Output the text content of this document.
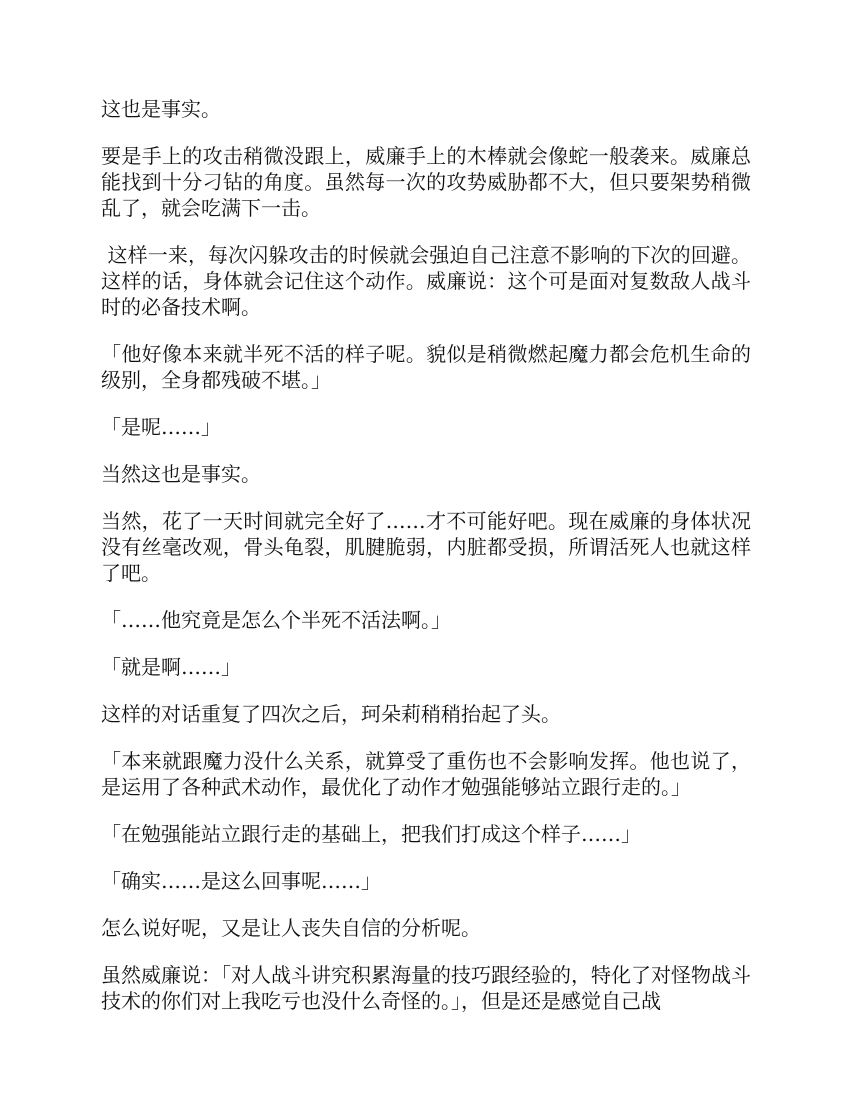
这也是事实。

要是手上的攻击稍微没跟上，威廉手上的木棒就会像蛇一般袭来。威廉总能找到十分刁钻的角度。虽然每一次的攻势威胁都不大，但只要架势稍微乱了，就会吃满下一击。

这样一来，每次闪躲攻击的时候就会强迫自己注意不影响的下次的回避。这样的话，身体就会记住这个动作。威廉说：这个可是面对复数敌人战斗时的必备技术啊。

「他好像本来就半死不活的样子呢。貌似是稍微燃起魔力都会危机生命的级别，全身都残破不堪。」

「是呢……」

当然这也是事实。

当然，花了一天时间就完全好了……才不可能好吧。现在威廉的身体状况没有丝毫改观，骨头龟裂，肌腱脆弱，内脏都受损，所谓活死人也就这样了吧。

「……他究竟是怎么个半死不活法啊。」

「就是啊……」

这样的对话重复了四次之后，珂朵莉稍稍抬起了头。

「本来就跟魔力没什么关系，就算受了重伤也不会影响发挥。他也说了，是运用了各种武术动作，最优化了动作才勉强能够站立跟行走的。」

「在勉强能站立跟行走的基础上，把我们打成这个样子……」

「确实……是这么回事呢……」

怎么说好呢，又是让人丧失自信的分析呢。

虽然威廉说：「对人战斗讲究积累海量的技巧跟经验的，特化了对怪物战斗技术的你们对上我吃亏也没什么奇怪的。」，但是还是感觉自己战
